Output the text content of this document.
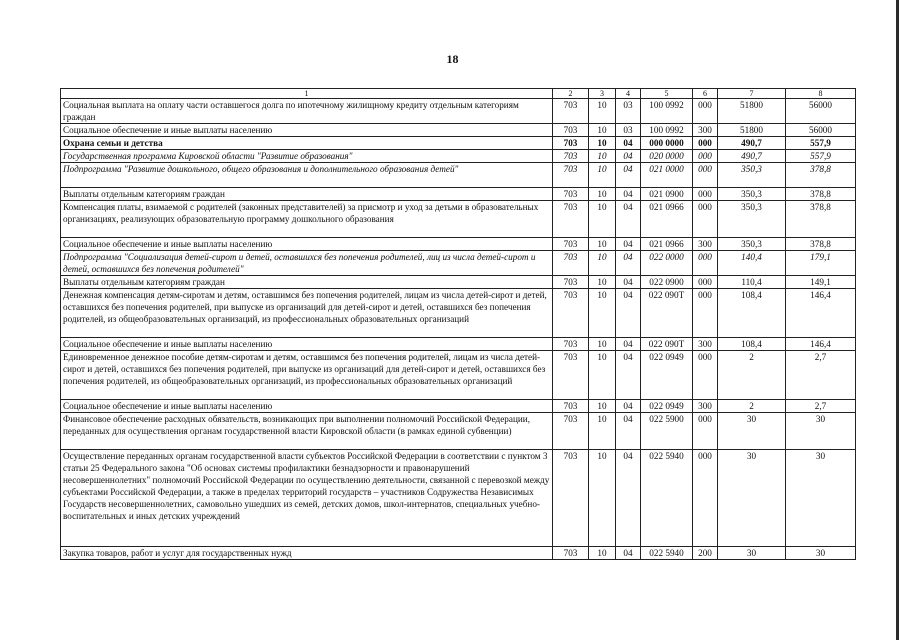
18
1	2	3	4	5	6	7	8
Социальная выплата на оплату части оставшегося долга по ипотечному жилищному кредиту отдельным категориям граждан	703	10	03	100 0992	000	51800	56000
Социальное обеспечение и иные выплаты населению	703	10	03	100 0992	300	51800	56000
Охрана семьи и детства	703	10	04	000 0000	000	490,7	557,9
Государственная программа Кировской области "Развитие образования"	703	10	04	020 0000	000	490,7	557,9
Подпрограмма "Развитие дошкольного, общего образования и дополнительного образования детей"	703	10	04	021 0000	000	350,3	378,8
Выплаты отдельным категориям граждан	703	10	04	021 0900	000	350,3	378,8
Компенсация платы, взимаемой с родителей (законных представителей) за присмотр и уход за детьми в образовательных организациях, реализующих образовательную программу дошкольного образования	703	10	04	021 0966	000	350,3	378,8
Социальное обеспечение и иные выплаты населению	703	10	04	021 0966	300	350,3	378,8
Подпрограмма "Социализация детей-сирот и детей, оставшихся без попечения родителей, лиц из числа детей-сирот и детей, оставшихся без попечения родителей"	703	10	04	022 0000	000	140,4	179,1
Выплаты отдельным категориям граждан	703	10	04	022 0900	000	110,4	149,1
Денежная компенсация детям-сиротам и детям, оставшимся без попечения родителей, лицам из числа детей-сирот и детей, оставшихся без попечения родителей, при выпуске из организаций для детей-сирот и детей, оставшихся без попечения родителей, из общеобразовательных организаций, из профессиональных образовательных организаций	703	10	04	022 090Т	000	108,4	146,4
Социальное обеспечение и иные выплаты населению	703	10	04	022 090Т	300	108,4	146,4
Единовременное денежное пособие детям-сиротам и детям, оставшимся без попечения родителей, лицам из числа детей-сирот и детей, оставшихся без попечения родителей, при выпуске из организаций для детей-сирот и детей, оставшихся без попечения родителей, из общеобразовательных организаций, из профессиональных образовательных организаций	703	10	04	022 0949	000	2	2,7
Социальное обеспечение и иные выплаты населению	703	10	04	022 0949	300	2	2,7
Финансовое обеспечение расходных обязательств, возникающих при выполнении полномочий Российской Федерации, переданных для осуществления органам государственной власти Кировской области (в рамках единой субвенции)	703	10	04	022 5900	000	30	30
Осуществление переданных органам государственной власти субъектов Российской Федерации в соответствии с пунктом 3 статьи 25 Федерального закона "Об основах системы профилактики безнадзорности и правонарушений несовершеннолетних" полномочий Российской Федерации по осуществлению деятельности, связанной с перевозкой между субъектами Российской Федерации, а также в пределах территорий государств – участников Содружества Независимых Государств несовершеннолетних, самовольно ушедших из семей, детских домов, школ-интернатов, специальных учебно-воспитательных и иных детских учреждений	703	10	04	022 5940	000	30	30
Закупка товаров, работ и услуг для государственных нужд	703	10	04	022 5940	200	30	30
